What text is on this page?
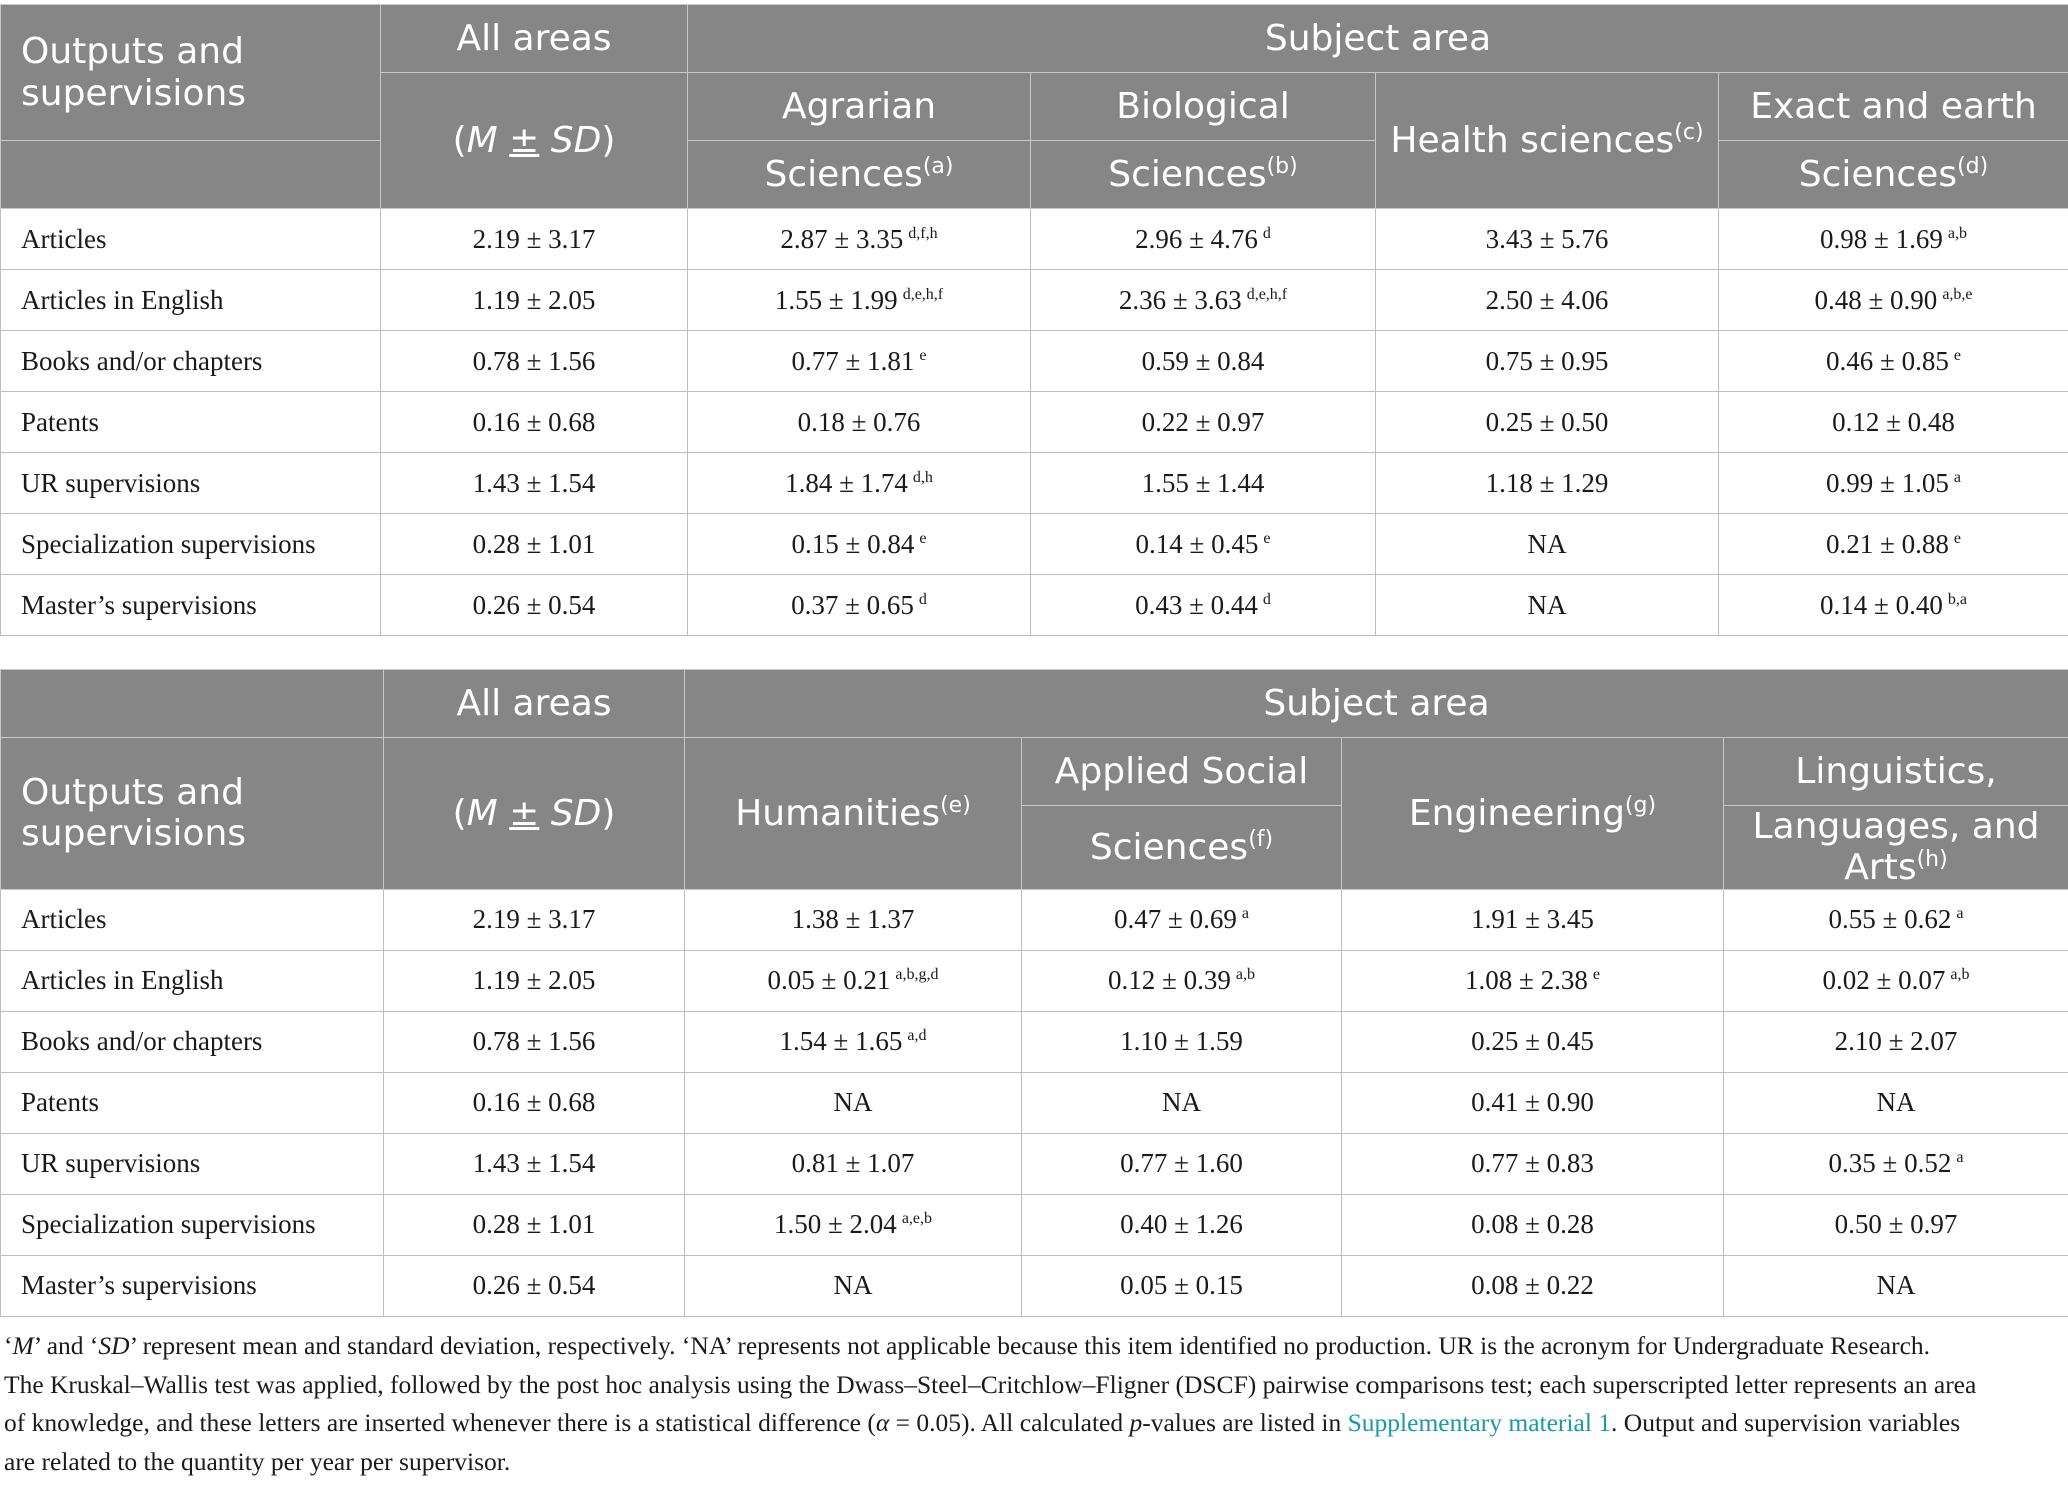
Outputs and supervisions	All areas	Subject area			
	(M ± SD)	Agrarian	Biological	Health sciences$^{(c)}$	Exact and earth
		Sciences$^{(a)}$	Sciences$^{(b)}$		Sciences$^{(d)}$
Articles	2.19 ± 3.17	2.87 ± 3.35 $^{d,f,h}$	2.96 ± 4.76 $^d$	3.43 ± 5.76	0.98 ± 1.69 $^{a,b}$
Articles in English	1.19 ± 2.05	1.55 ± 1.99 $^{d,e,h,f}$	2.36 ± 3.63 $^{d,e,h,f}$	2.50 ± 4.06	0.48 ± 0.90 $^{a,b,e}$
Books and/or chapters	0.78 ± 1.56	0.77 ± 1.81 $^e$	0.59 ± 0.84	0.75 ± 0.95	0.46 ± 0.85 $^e$
Patents	0.16 ± 0.68	0.18 ± 0.76	0.22 ± 0.97	0.25 ± 0.50	0.12 ± 0.48
UR supervisions	1.43 ± 1.54	1.84 ± 1.74 $^{d,h}$	1.55 ± 1.44	1.18 ± 1.29	0.99 ± 1.05 $^a$
Specialization supervisions	0.28 ± 1.01	0.15 ± 0.84 $^e$	0.14 ± 0.45 $^e$	NA	0.21 ± 0.88 $^e$
Master’s supervisions	0.26 ± 0.54	0.37 ± 0.65 $^d$	0.43 ± 0.44 $^d$	NA	0.14 ± 0.40 $^{b,a}$
	All areas	Subject area			
Outputs and supervisions	(M ± SD)	Humanities$^{(e)}$	Applied Social	Engineering$^{(g)}$	Linguistics,
			Sciences$^{(f)}$		Languages, and
Arts$^{(h)}$
Articles	2.19 ± 3.17	1.38 ± 1.37	0.47 ± 0.69 $^a$	1.91 ± 3.45	0.55 ± 0.62 $^a$
Articles in English	1.19 ± 2.05	0.05 ± 0.21 $^{a,b,g,d}$	0.12 ± 0.39 $^{a,b}$	1.08 ± 2.38 $^e$	0.02 ± 0.07 $^{a,b}$
Books and/or chapters	0.78 ± 1.56	1.54 ± 1.65 $^{a,d}$	1.10 ± 1.59	0.25 ± 0.45	2.10 ± 2.07
Patents	0.16 ± 0.68	NA	NA	0.41 ± 0.90	NA
UR supervisions	1.43 ± 1.54	0.81 ± 1.07	0.77 ± 1.60	0.77 ± 0.83	0.35 ± 0.52 $^a$
Specialization supervisions	0.28 ± 1.01	1.50 ± 2.04 $^{a,e,b}$	0.40 ± 1.26	0.08 ± 0.28	0.50 ± 0.97
Master’s supervisions	0.26 ± 0.54	NA	0.05 ± 0.15	0.08 ± 0.22	NA
‘M’ and ‘SD’ represent mean and standard deviation, respectively. ‘NA’ represents not applicable because this item identified no production. UR is the acronym for Undergraduate Research.
The Kruskal–Wallis test was applied, followed by the post hoc analysis using the Dwass–Steel–Critchlow–Fligner (DSCF) pairwise comparisons test; each superscripted letter represents an area
of knowledge, and these letters are inserted whenever there is a statistical difference (α = 0.05). All calculated p-values are listed in Supplementary material 1. Output and supervision variables
are related to the quantity per year per supervisor.
